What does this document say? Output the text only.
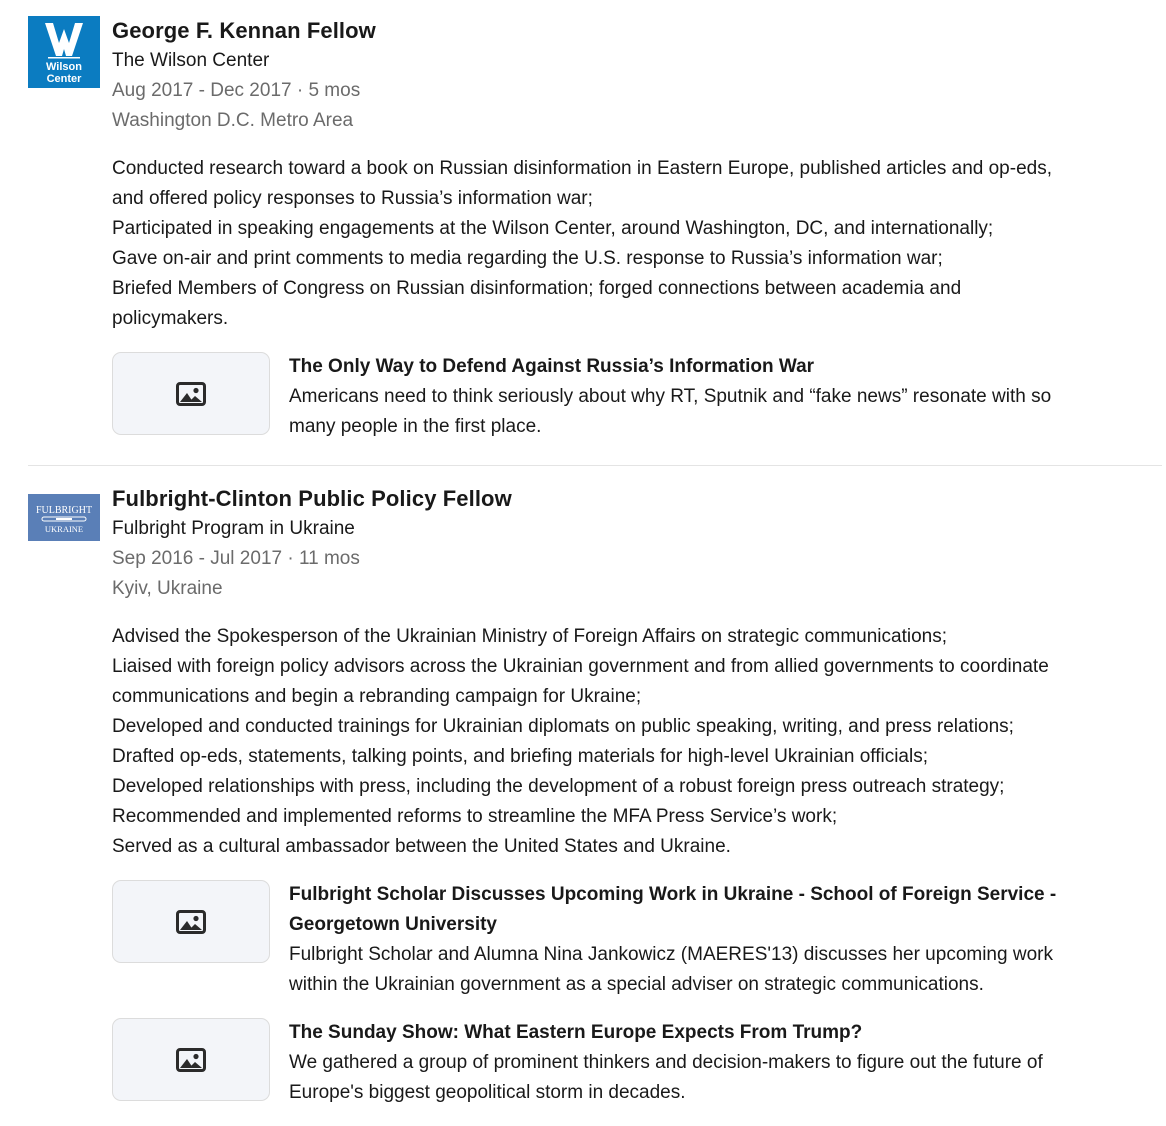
Wilson
Center
George F. Kennan Fellow
The Wilson Center
Aug 2017 - Dec 2017 · 5 mos
Washington D.C. Metro Area
Conducted research toward a book on Russian disinformation in Eastern Europe, published articles and op-eds,
and offered policy responses to Russia’s information war;
Participated in speaking engagements at the Wilson Center, around Washington, DC, and internationally;
Gave on-air and print comments to media regarding the U.S. response to Russia’s information war;
Briefed Members of Congress on Russian disinformation; forged connections between academia and
policymakers.
The Only Way to Defend Against Russia’s Information War
Americans need to think seriously about why RT, Sputnik and “fake news” resonate with so
many people in the first place.
FULBRIGHT
UKRAINE
Fulbright-Clinton Public Policy Fellow
Fulbright Program in Ukraine
Sep 2016 - Jul 2017 · 11 mos
Kyiv, Ukraine
Advised the Spokesperson of the Ukrainian Ministry of Foreign Affairs on strategic communications;
Liaised with foreign policy advisors across the Ukrainian government and from allied governments to coordinate
communications and begin a rebranding campaign for Ukraine;
Developed and conducted trainings for Ukrainian diplomats on public speaking, writing, and press relations;
Drafted op-eds, statements, talking points, and briefing materials for high-level Ukrainian officials;
Developed relationships with press, including the development of a robust foreign press outreach strategy;
Recommended and implemented reforms to streamline the MFA Press Service’s work;
Served as a cultural ambassador between the United States and Ukraine.
Fulbright Scholar Discusses Upcoming Work in Ukraine - School of Foreign Service -
Georgetown University
Fulbright Scholar and Alumna Nina Jankowicz (MAERES'13) discusses her upcoming work
within the Ukrainian government as a special adviser on strategic communications.
The Sunday Show: What Eastern Europe Expects From Trump?
We gathered a group of prominent thinkers and decision-makers to figure out the future of
Europe's biggest geopolitical storm in decades.
